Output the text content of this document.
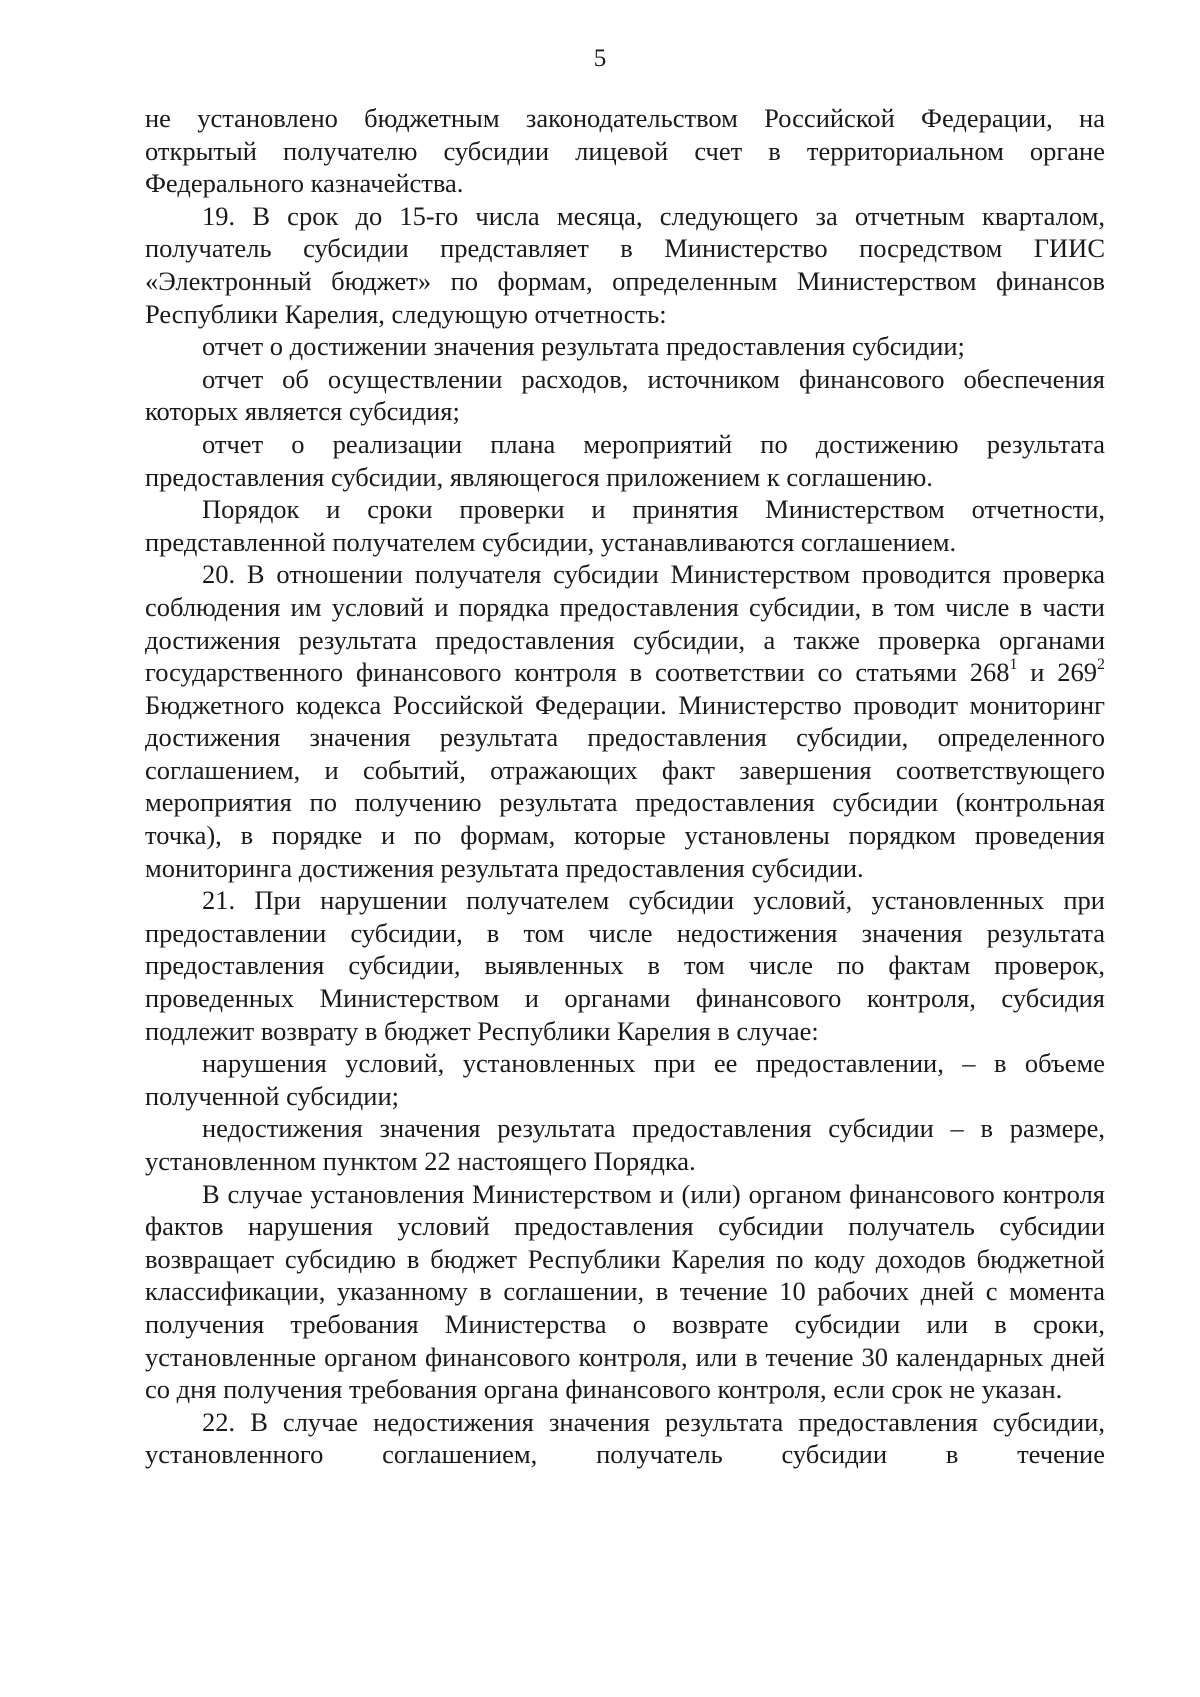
5

не установлено бюджетным законодательством Российской Федерации, на открытый получателю субсидии лицевой счет в территориальном органе Федерального казначейства.

19. В срок до 15-го числа месяца, следующего за отчетным кварталом, получатель субсидии представляет в Министерство посредством ГИИС «Электронный бюджет» по формам, определенным Министерством финансов Республики Карелия, следующую отчетность:

отчет о достижении значения результата предоставления субсидии;

отчет об осуществлении расходов, источником финансового обеспечения которых является субсидия;

отчет о реализации плана мероприятий по достижению результата предоставления субсидии, являющегося приложением к соглашению.

Порядок и сроки проверки и принятия Министерством отчетности, представленной получателем субсидии, устанавливаются соглашением.

20. В отношении получателя субсидии Министерством проводится проверка соблюдения им условий и порядка предоставления субсидии, в том числе в части достижения результата предоставления субсидии, а также проверка органами государственного финансового контроля в соответствии со статьями $268^1$ и $269^2$ Бюджетного кодекса Российской Федерации. Министерство проводит мониторинг достижения значения результата предоставления субсидии, определенного соглашением, и событий, отражающих факт завершения соответствующего мероприятия по получению результата предоставления субсидии (контрольная точка), в порядке и по формам, которые установлены порядком проведения мониторинга достижения результата предоставления субсидии.

21. При нарушении получателем субсидии условий, установленных при предоставлении субсидии, в том числе недостижения значения результата предоставления субсидии, выявленных в том числе по фактам проверок, проведенных Министерством и органами финансового контроля, субсидия подлежит возврату в бюджет Республики Карелия в случае:

нарушения условий, установленных при ее предоставлении, – в объеме полученной субсидии;

недостижения значения результата предоставления субсидии – в размере, установленном пунктом 22 настоящего Порядка.

В случае установления Министерством и (или) органом финансового контроля фактов нарушения условий предоставления субсидии получатель субсидии возвращает субсидию в бюджет Республики Карелия по коду доходов бюджетной классификации, указанному в соглашении, в течение 10 рабочих дней с момента получения требования Министерства о возврате субсидии или в сроки, установленные органом финансового контроля, или в течение 30 календарных дней со дня получения требования органа финансового контроля, если срок не указан.

22. В случае недостижения значения результата предоставления субсидии, установленного соглашением, получатель субсидии в течение
